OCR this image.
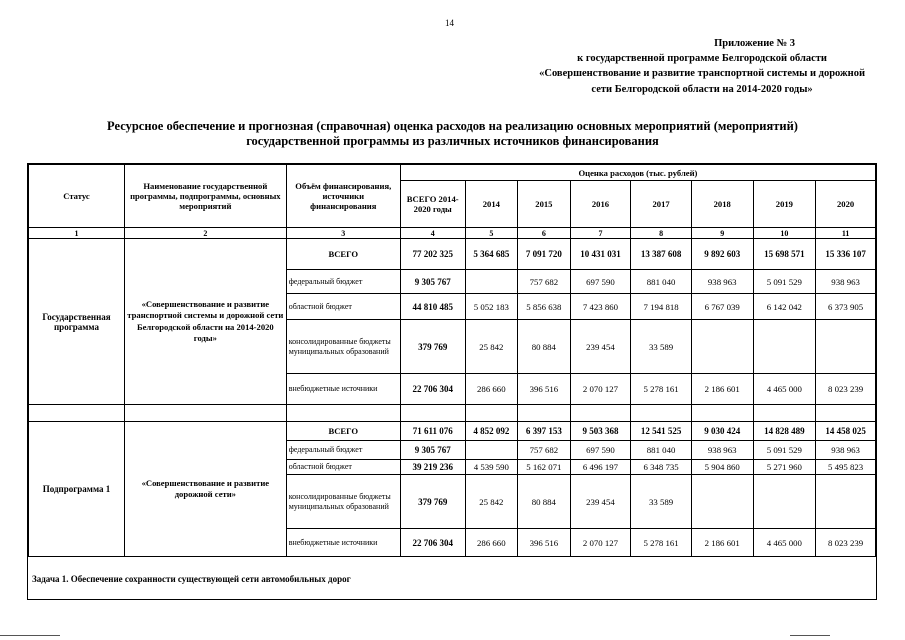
14
Приложение № 3
к государственной программе Белгородской области
«Совершенствование и развитие транспортной системы и дорожной
сети Белгородской области на 2014-2020 годы»
Ресурсное обеспечение и прогнозная (справочная) оценка расходов на реализацию основных мероприятий (мероприятий)
государственной программы из различных источников финансирования
Статус	Наименование государственной программы, подпрограммы, основных мероприятий	Объём финансирования, источники финансирования	Оценка расходов (тыс. рублей)							
			ВСЕГО 2014-2020 годы	2014	2015	2016	2017	2018	2019	2020
1	2	3	4	5	6	7	8	9	10	11
Государственная программа	«Совершенствование и развитие транспортной системы и дорожной сети Белгородской области на 2014-2020 годы»	ВСЕГО	77 202 325	5 364 685	7 091 720	10 431 031	13 387 608	9 892 603	15 698 571	15 336 107
		федеральный бюджет	9 305 767		757 682	697 590	881 040	938 963	5 091 529	938 963
		областной бюджет	44 810 485	5 052 183	5 856 638	7 423 860	7 194 818	6 767 039	6 142 042	6 373 905
		консолидированные бюджеты муниципальных образований	379 769	25 842	80 884	239 454	33 589			
		внебюджетные источники	22 706 304	286 660	396 516	2 070 127	5 278 161	2 186 601	4 465 000	8 023 239

Подпрограмма 1	«Совершенствование и развитие дорожной сети»	ВСЕГО	71 611 076	4 852 092	6 397 153	9 503 368	12 541 525	9 030 424	14 828 489	14 458 025
		федеральный бюджет	9 305 767		757 682	697 590	881 040	938 963	5 091 529	938 963
		областной бюджет	39 219 236	4 539 590	5 162 071	6 496 197	6 348 735	5 904 860	5 271 960	5 495 823
		консолидированные бюджеты муниципальных образований	379 769	25 842	80 884	239 454	33 589			
		внебюджетные источники	22 706 304	286 660	396 516	2 070 127	5 278 161	2 186 601	4 465 000	8 023 239
Задача 1. Обеспечение сохранности существующей сети автомобильных дорог
